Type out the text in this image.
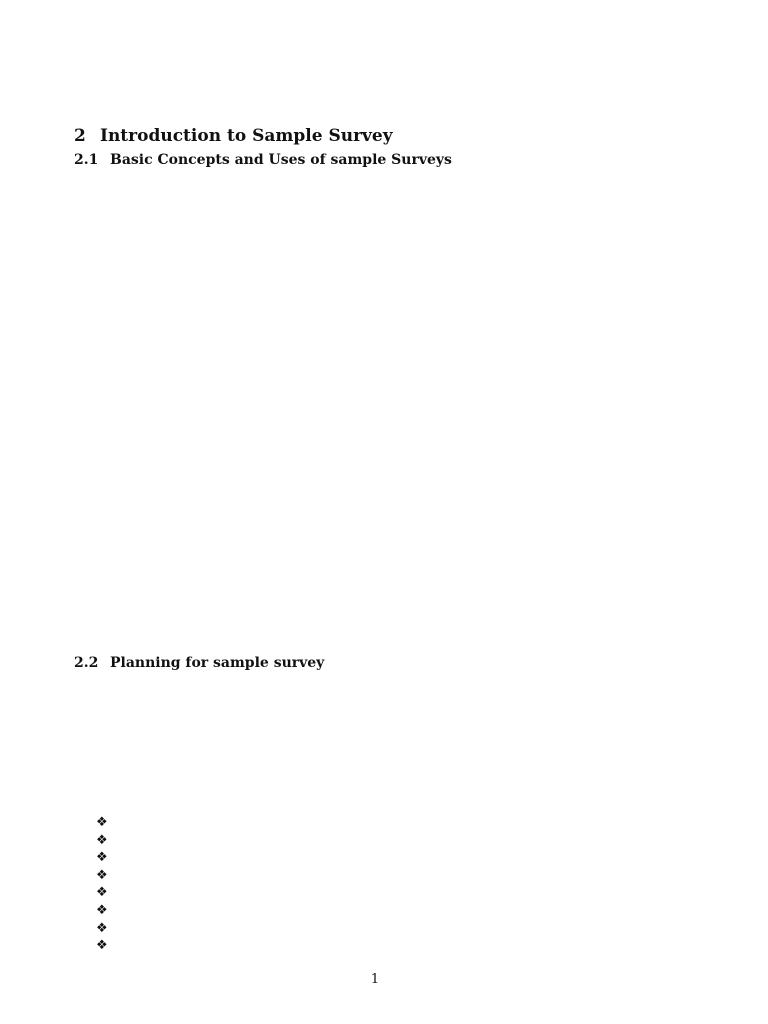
2 Introduction to Sample Survey
2.1 Basic Concepts and Uses of sample Surveys
2.2 Planning for sample survey
❖
❖
❖
❖
❖
❖
❖
❖
1
